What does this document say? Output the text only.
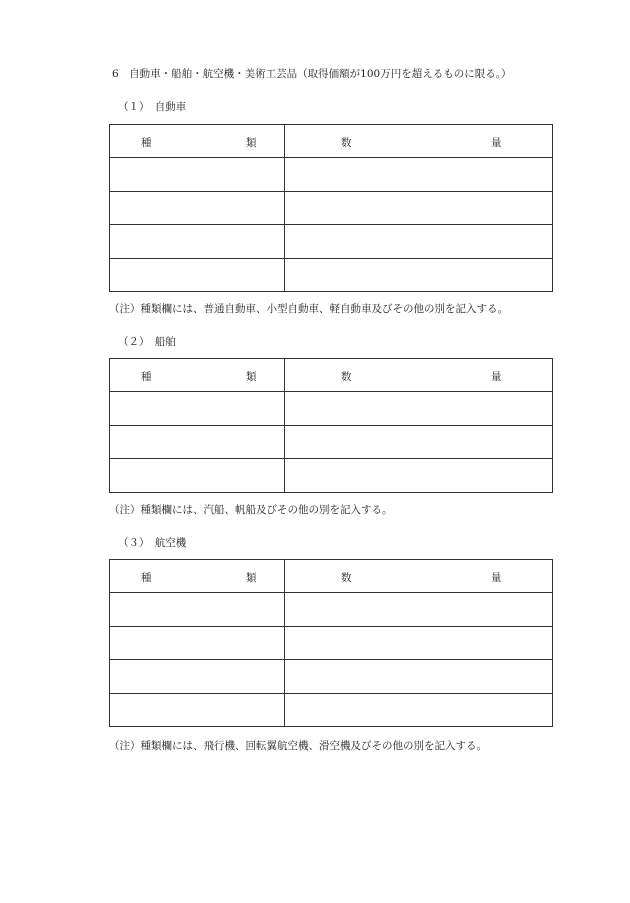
6　自動車・船舶・航空機・美術工芸品（取得価額が100万円を超えるものに限る。）
（１）　自動車
種 類	数 量

（注）種類欄には、普通自動車、小型自動車、軽自動車及びその他の別を記入する。
（２）　船舶
種 類	数 量

（注）種類欄には、汽船、帆船及びその他の別を記入する。
（３）　航空機
種 類	数 量

（注）種類欄には、飛行機、回転翼航空機、滑空機及びその他の別を記入する。
